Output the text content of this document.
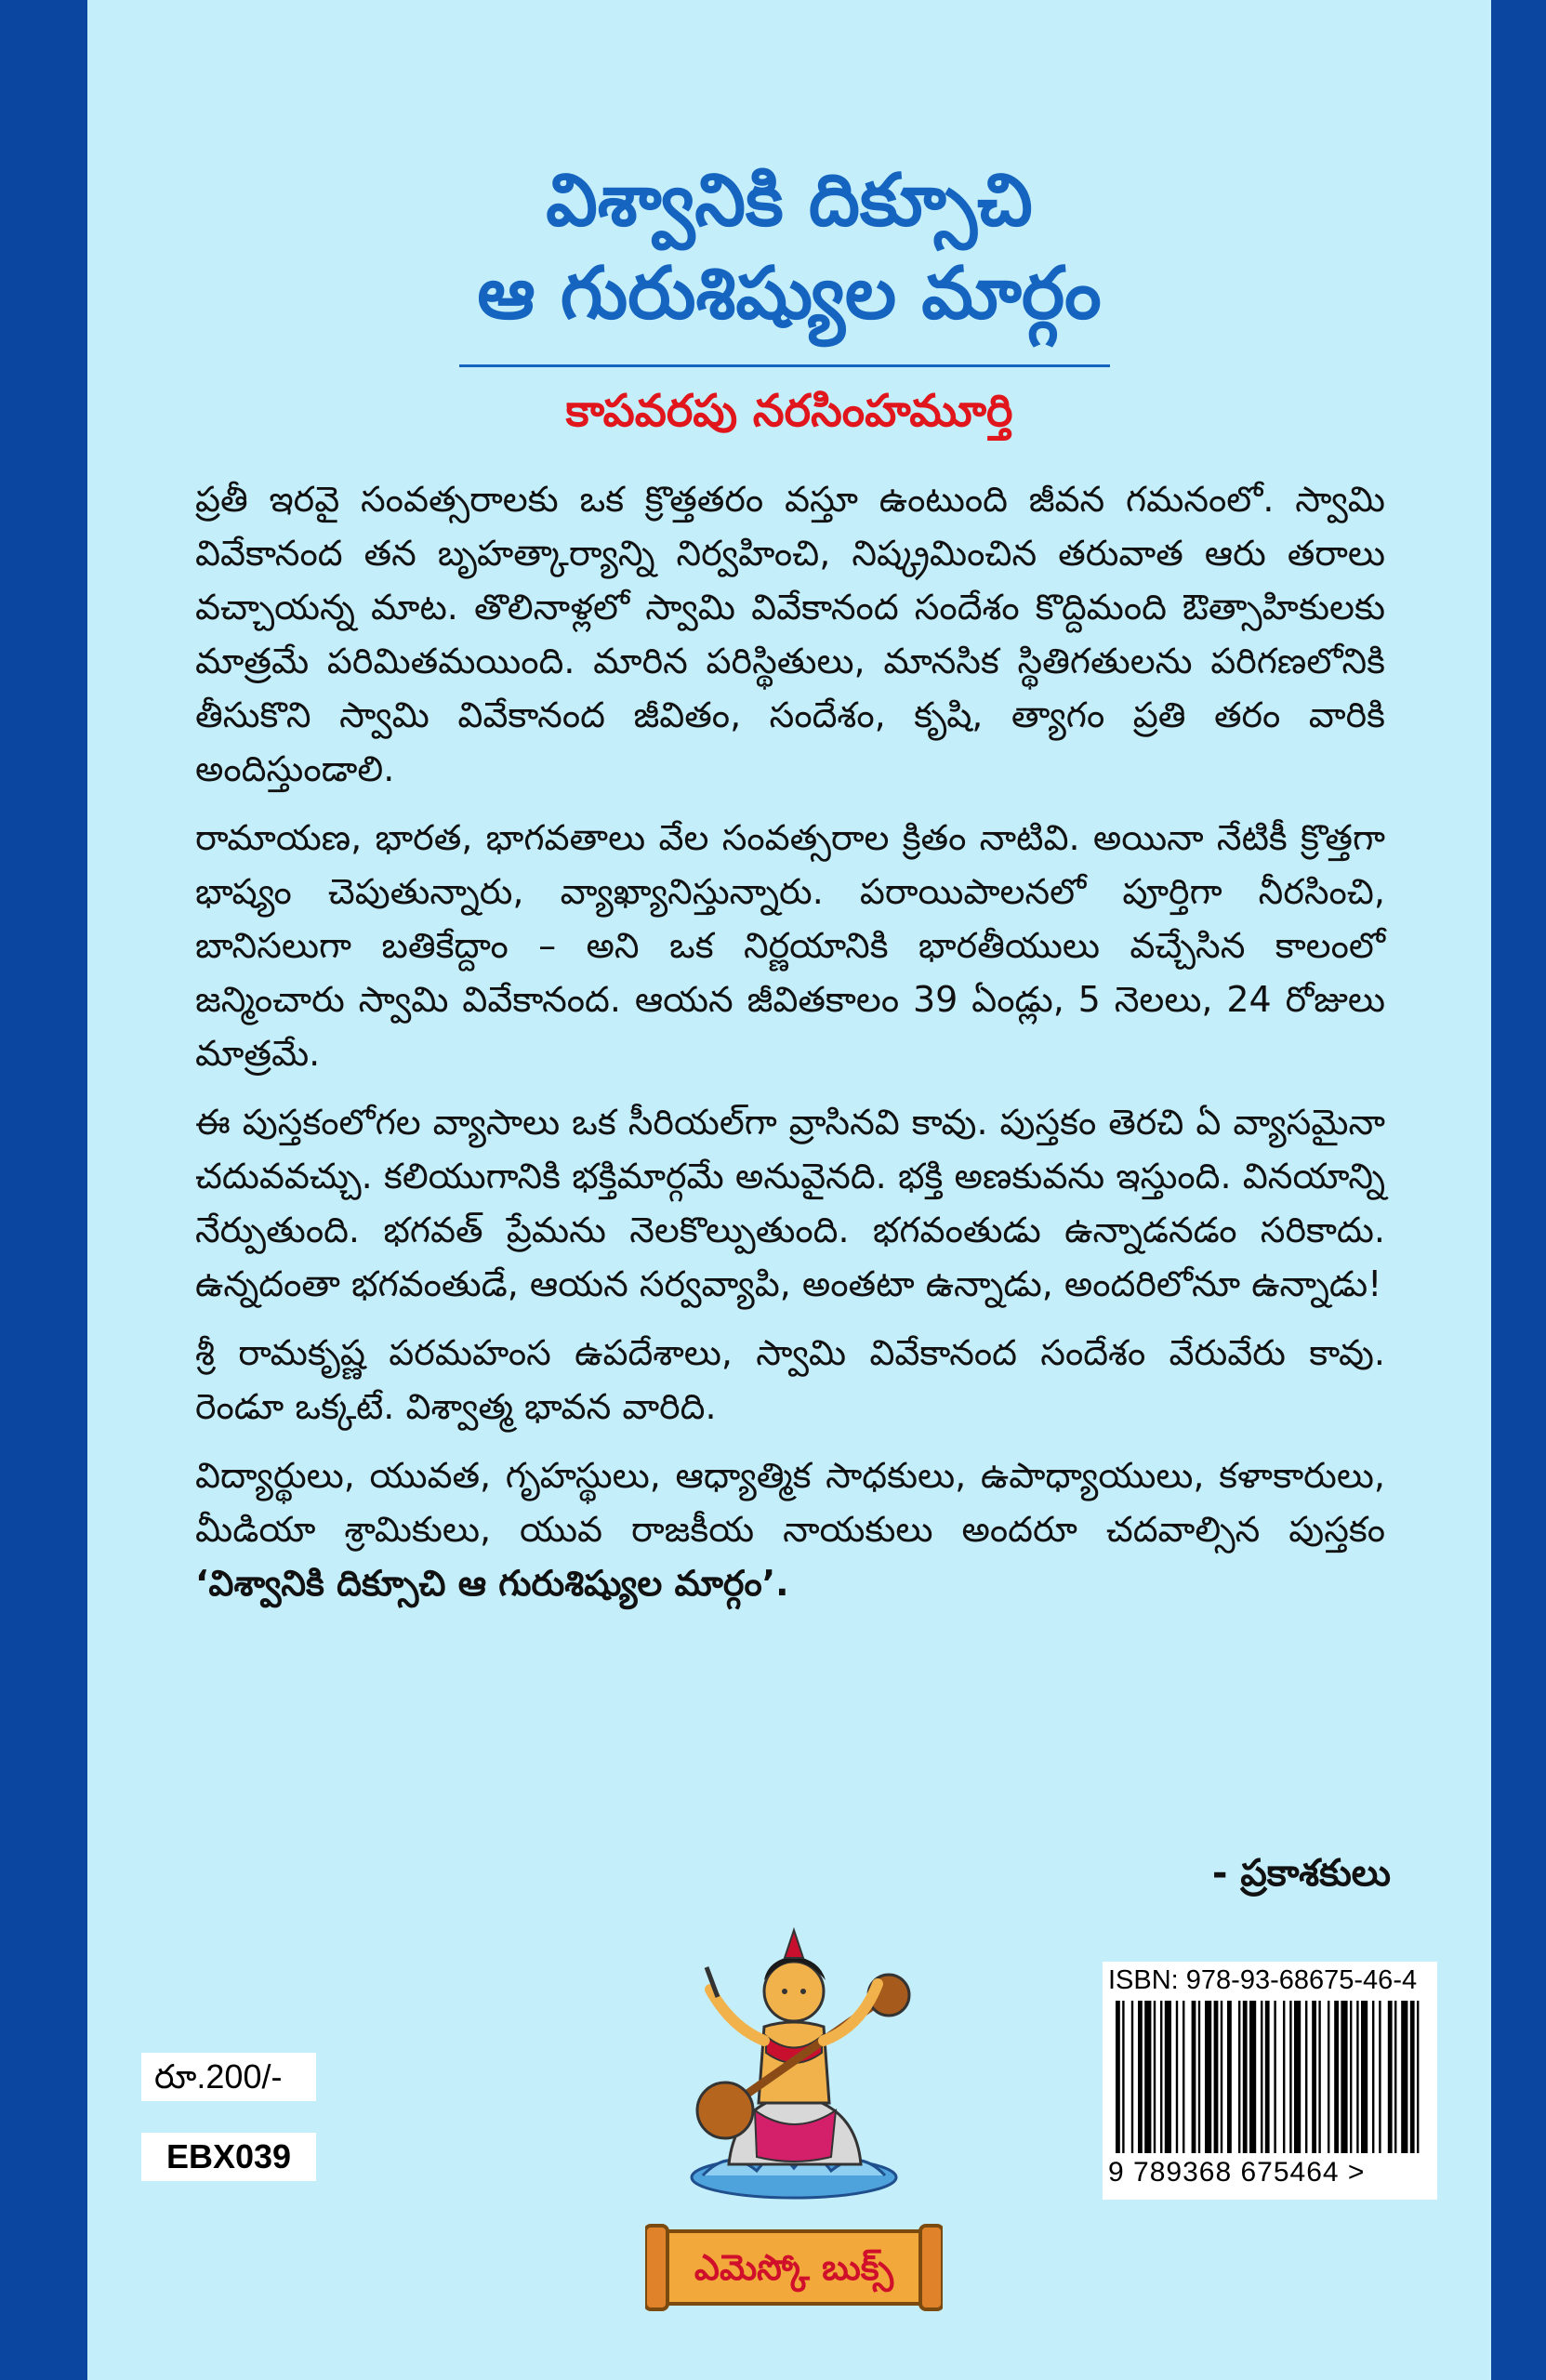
విశ్వానికి దిక్సూచి
ఆ గురుశిష్యుల మార్గం
కాపవరపు నరసింహమూర్తి

ప్రతీ ఇరవై సంవత్సరాలకు ఒక క్రొత్తతరం వస్తూ ఉంటుంది జీవన గమనంలో. స్వామి వివేకానంద తన బృహత్కార్యాన్ని నిర్వహించి, నిష్క్రమించిన తరువాత ఆరు తరాలు వచ్చాయన్న మాట. తొలినాళ్లలో స్వామి వివేకానంద సందేశం కొద్దిమంది ఔత్సాహికులకు మాత్రమే పరిమితమయింది. మారిన పరిస్థితులు, మానసిక స్థితిగతులను పరిగణలోనికి తీసుకొని స్వామి వివేకానంద జీవితం, సందేశం, కృషి, త్యాగం ప్రతి తరం వారికి అందిస్తుండాలి.

రామాయణ, భారత, భాగవతాలు వేల సంవత్సరాల క్రితం నాటివి. అయినా నేటికీ క్రొత్తగా భాష్యం చెపుతున్నారు, వ్యాఖ్యానిస్తున్నారు. పరాయిపాలనలో పూర్తిగా నీరసించి, బానిసలుగా బతికేద్దాం – అని ఒక నిర్ణయానికి భారతీయులు వచ్చేసిన కాలంలో జన్మించారు స్వామి వివేకానంద. ఆయన జీవితకాలం 39 ఏండ్లు, 5 నెలలు, 24 రోజులు మాత్రమే.

ఈ పుస్తకంలోగల వ్యాసాలు ఒక సీరియల్‌గా వ్రాసినవి కావు. పుస్తకం తెరచి ఏ వ్యాసమైనా చదువవచ్చు. కలియుగానికి భక్తిమార్గమే అనువైనది. భక్తి అణకువను ఇస్తుంది. వినయాన్ని నేర్పుతుంది. భగవత్ ప్రేమను నెలకొల్పుతుంది. భగవంతుడు ఉన్నాడనడం సరికాదు. ఉన్నదంతా భగవంతుడే, ఆయన సర్వవ్యాపి, అంతటా ఉన్నాడు, అందరిలోనూ ఉన్నాడు!

శ్రీ రామకృష్ణ పరమహంస ఉపదేశాలు, స్వామి వివేకానంద సందేశం వేరువేరు కావు. రెండూ ఒక్కటే. విశ్వాత్మ భావన వారిది.

విద్యార్థులు, యువత, గృహస్థులు, ఆధ్యాత్మిక సాధకులు, ఉపాధ్యాయులు, కళాకారులు, మీడియా శ్రామికులు, యువ రాజకీయ నాయకులు అందరూ చదవాల్సిన పుస్తకం ‘విశ్వానికి దిక్సూచి ఆ గురుశిష్యుల మార్గం’.

- ప్రకాశకులు
రూ.200/-
EBX039
ఎమెస్కో బుక్స్
ISBN: 978-93-68675-46-4
9 789368 675464 >
